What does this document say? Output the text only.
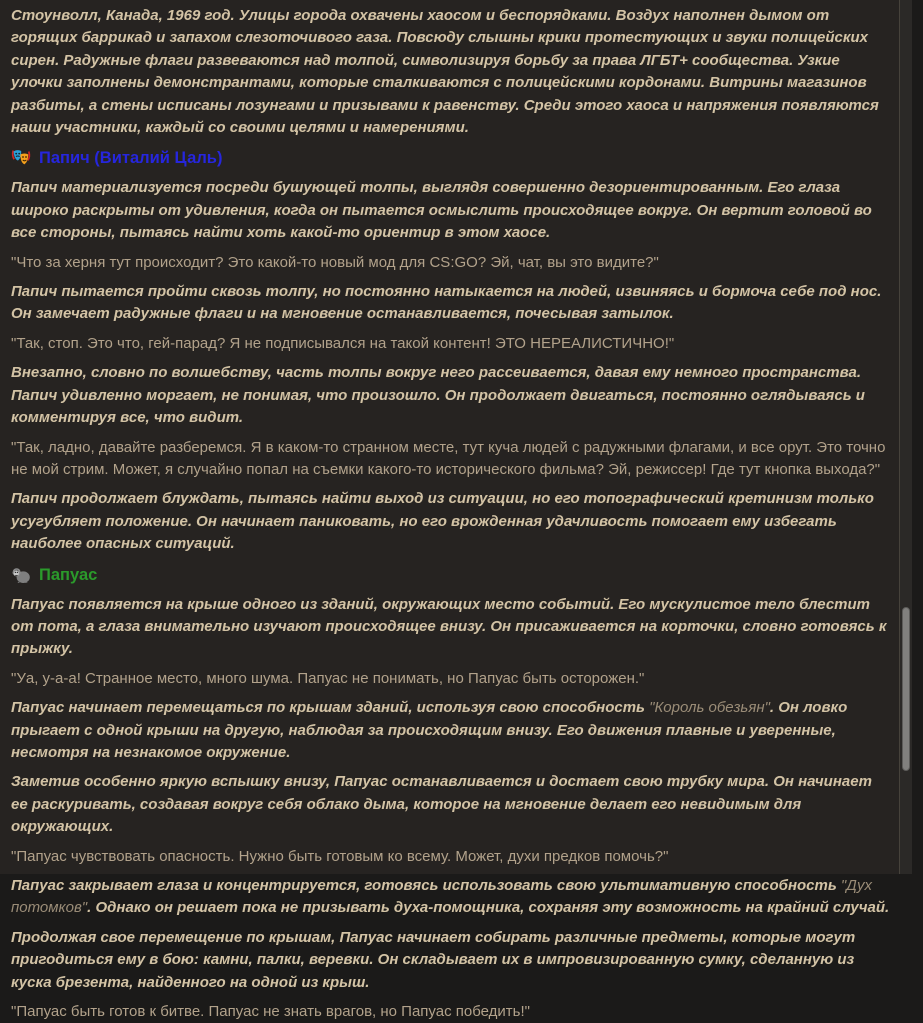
Стоунволл, Канада, 1969 год. Улицы города охвачены хаосом и беспорядками. Воздух наполнен дымом от горящих баррикад и запахом слезоточивого газа. Повсюду слышны крики протестующих и звуки полицейских сирен. Радужные флаги развеваются над толпой, символизируя борьбу за права ЛГБТ+ сообщества. Узкие улочки заполнены демонстрантами, которые сталкиваются с полицейскими кордонами. Витрины магазинов разбиты, а стены исписаны лозунгами и призывами к равенству. Среди этого хаоса и напряжения появляются наши участники, каждый со своими целями и намерениями.

Папич (Виталий Цаль)

Папич материализуется посреди бушующей толпы, выглядя совершенно дезориентированным. Его глаза широко раскрыты от удивления, когда он пытается осмыслить происходящее вокруг. Он вертит головой во все стороны, пытаясь найти хоть какой-то ориентир в этом хаосе.

"Что за херня тут происходит? Это какой-то новый мод для CS:GO? Эй, чат, вы это видите?"

Папич пытается пройти сквозь толпу, но постоянно натыкается на людей, извиняясь и бормоча себе под нос. Он замечает радужные флаги и на мгновение останавливается, почесывая затылок.

"Так, стоп. Это что, гей-парад? Я не подписывался на такой контент! ЭТО НЕРЕАЛИСТИЧНО!"

Внезапно, словно по волшебству, часть толпы вокруг него рассеивается, давая ему немного пространства. Папич удивленно моргает, не понимая, что произошло. Он продолжает двигаться, постоянно оглядываясь и комментируя все, что видит.

"Так, ладно, давайте разберемся. Я в каком-то странном месте, тут куча людей с радужными флагами, и все орут. Это точно не мой стрим. Может, я случайно попал на съемки какого-то исторического фильма? Эй, режиссер! Где тут кнопка выхода?"

Папич продолжает блуждать, пытаясь найти выход из ситуации, но его топографический кретинизм только усугубляет положение. Он начинает паниковать, но его врожденная удачливость помогает ему избегать наиболее опасных ситуаций.

Папуас

Папуас появляется на крыше одного из зданий, окружающих место событий. Его мускулистое тело блестит от пота, а глаза внимательно изучают происходящее внизу. Он присаживается на корточки, словно готовясь к прыжку.

"Уа, у-а-а! Странное место, много шума. Папуас не понимать, но Папуас быть осторожен."

Папуас начинает перемещаться по крышам зданий, используя свою способность "Король обезьян". Он ловко прыгает с одной крыши на другую, наблюдая за происходящим внизу. Его движения плавные и уверенные, несмотря на незнакомое окружение.

Заметив особенно яркую вспышку внизу, Папуас останавливается и достает свою трубку мира. Он начинает ее раскуривать, создавая вокруг себя облако дыма, которое на мгновение делает его невидимым для окружающих.

"Папуас чувствовать опасность. Нужно быть готовым ко всему. Может, духи предков помочь?"

Папуас закрывает глаза и концентрируется, готовясь использовать свою ультимативную способность "Дух потомков". Однако он решает пока не призывать духа-помощника, сохраняя эту возможность на крайний случай.

Продолжая свое перемещение по крышам, Папуас начинает собирать различные предметы, которые могут пригодиться ему в бою: камни, палки, веревки. Он складывает их в импровизированную сумку, сделанную из куска брезента, найденного на одной из крыш.

"Папуас быть готов к битве. Папуас не знать врагов, но Папуас победить!"
